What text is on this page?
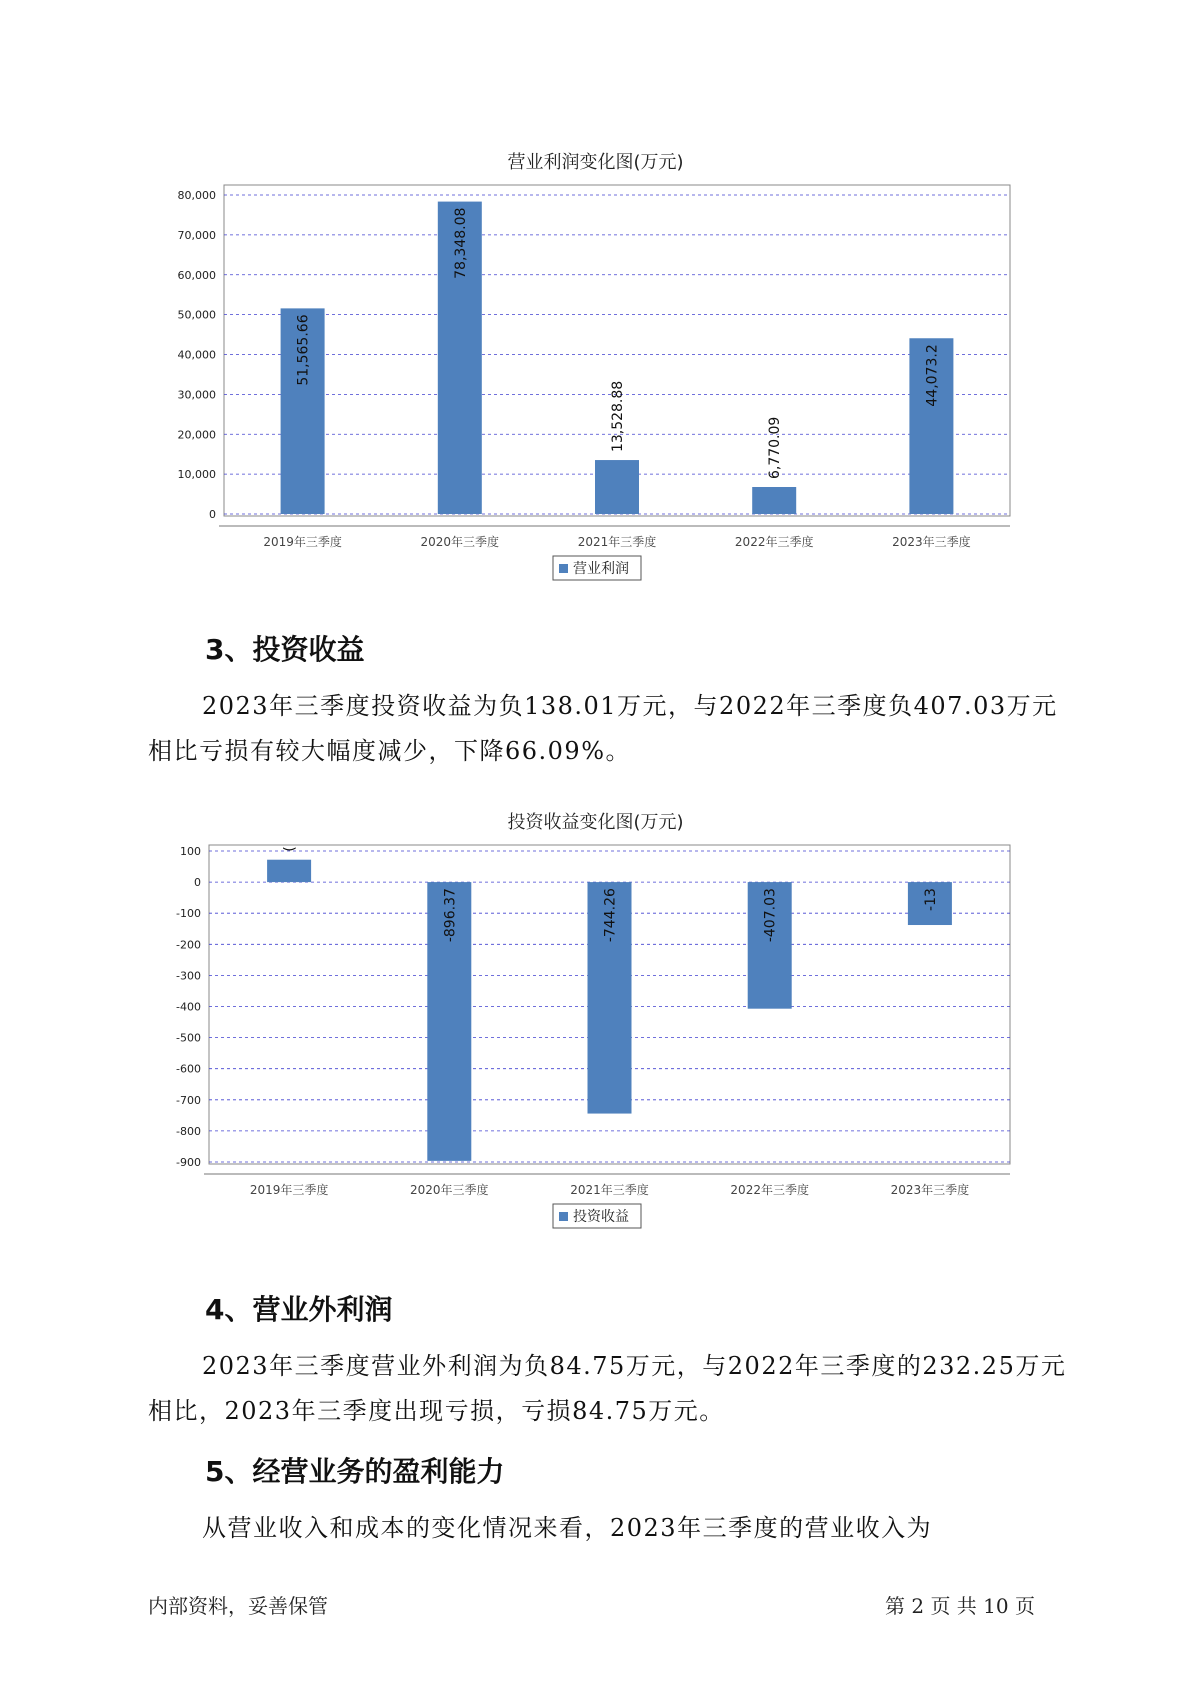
营业利润变化图(万元)
80,000
70,000
60,000
50,000
40,000
30,000
20,000
10,000
0
2019年三季度
51,565.66
2020年三季度
78,348.08
2021年三季度
13,528.88
2022年三季度
6,770.09
2023年三季度
44,073.2
营业利润
3、投资收益

2023年三季度投资收益为负138.01万元，与2022年三季度负407.03万元相比亏损有较大幅度减少，下降66.09%。

投资收益变化图(万元)
100
0
-100
-200
-300
-400
-500
-600
-700
-800
-900
2019年三季度
(
2020年三季度
-896.37
2021年三季度
-744.26
2022年三季度
-407.03
2023年三季度
-13
投资收益
4、营业外利润

2023年三季度营业外利润为负84.75万元，与2022年三季度的232.25万元相比，2023年三季度出现亏损，亏损84.75万元。

5、经营业务的盈利能力

从营业收入和成本的变化情况来看，2023年三季度的营业收入为

内部资料，妥善保管	第 2 页 共 10 页
